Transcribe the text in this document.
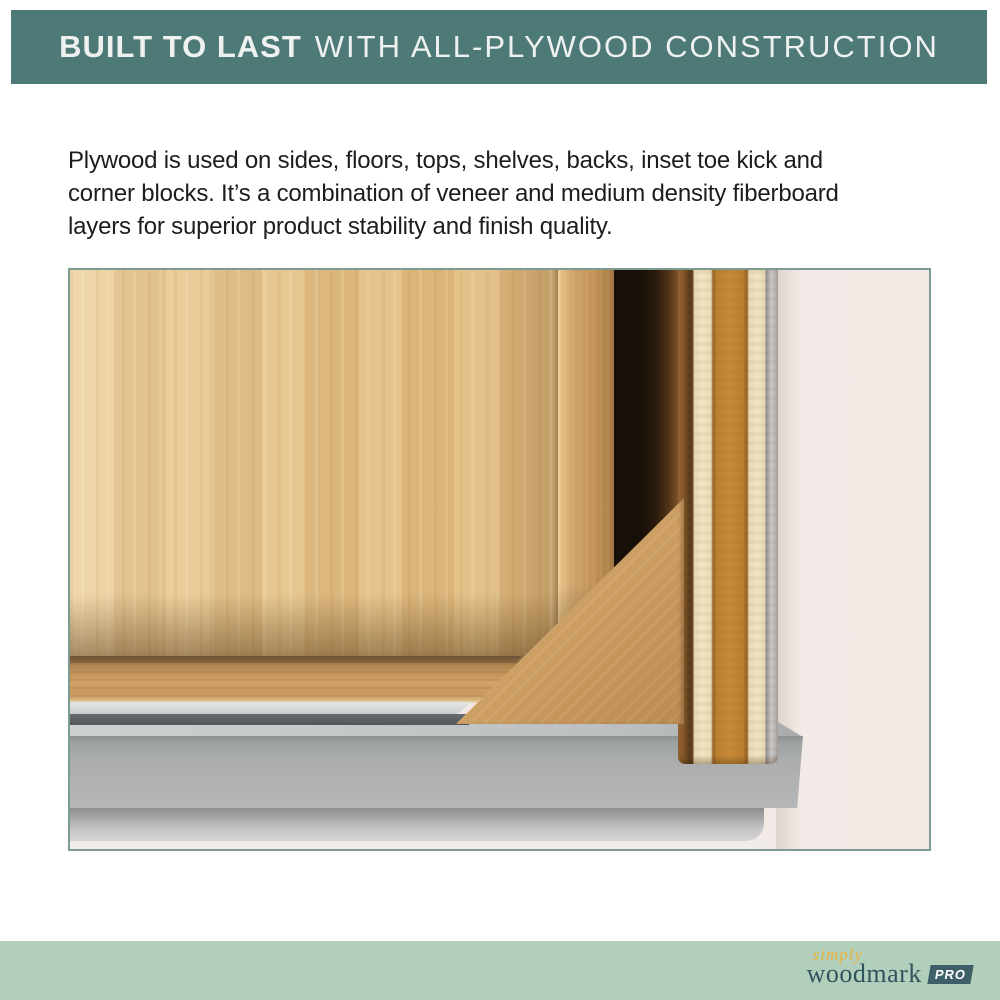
BUILT TO LAST WITH ALL-PLYWOOD CONSTRUCTION
Plywood is used on sides, floors, tops, shelves, backs, inset toe kick and
corner blocks. It’s a combination of veneer and medium density fiberboard
layers for superior product stability and finish quality.
simply
woodmark PRO
